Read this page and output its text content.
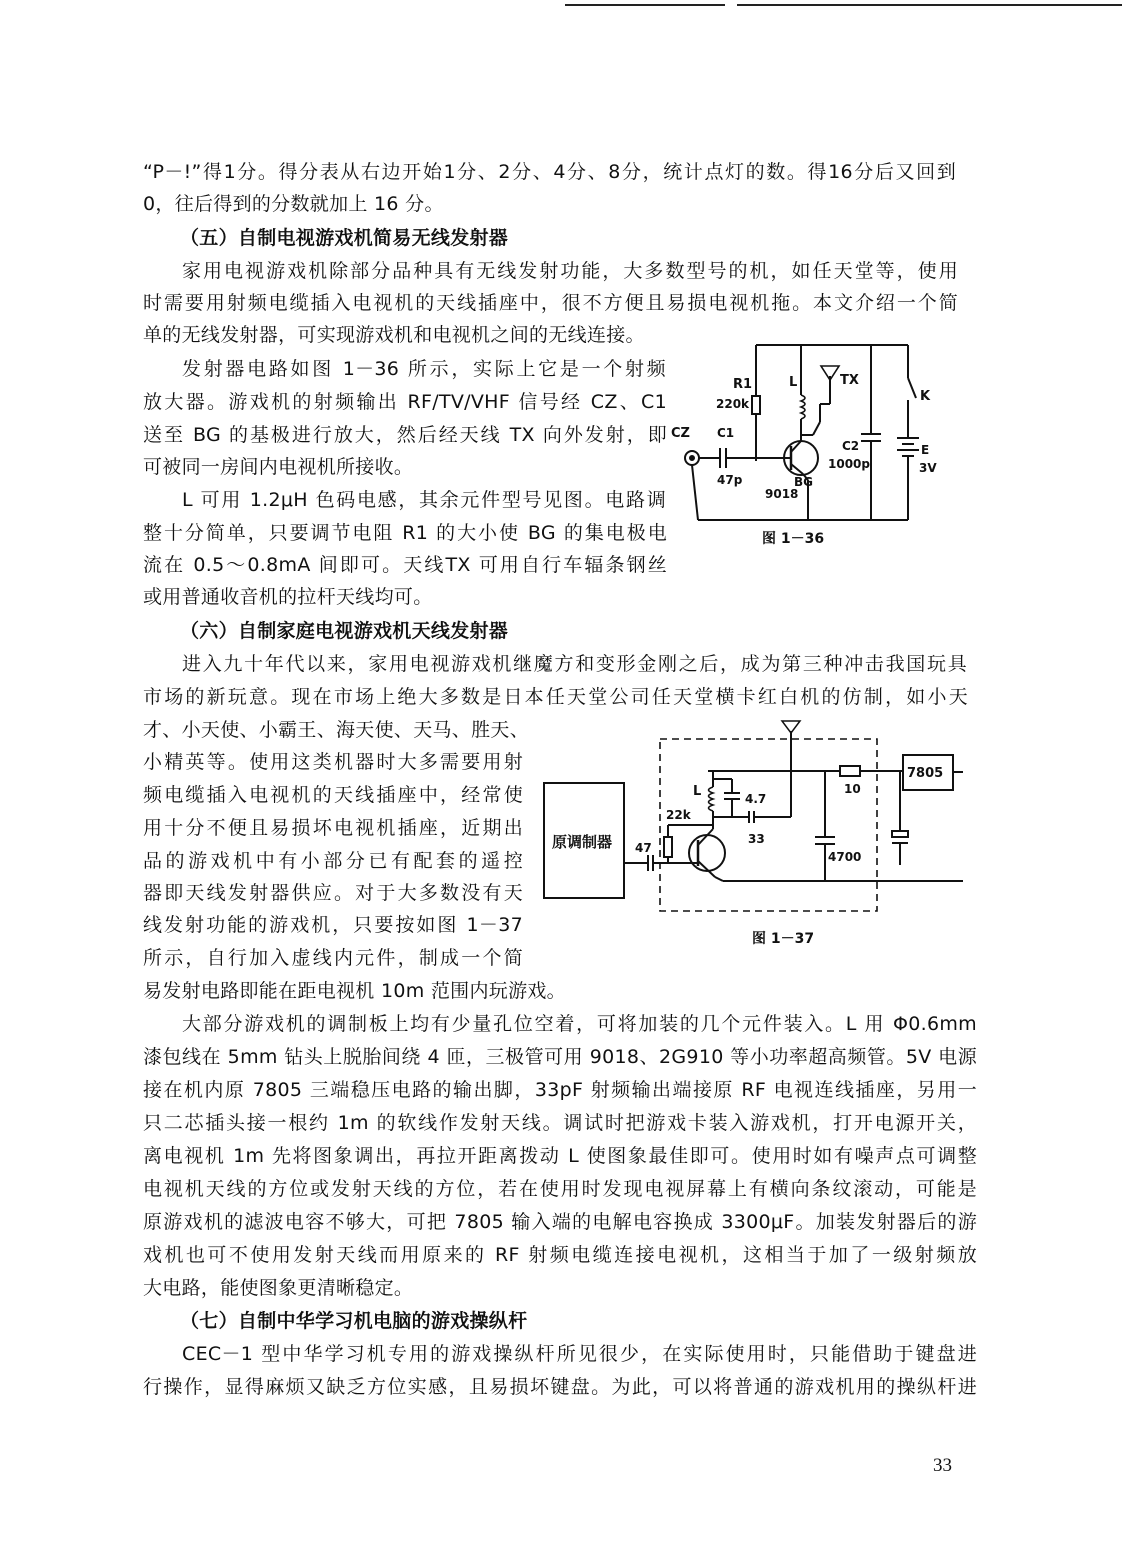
“P－!”得1分。得分表从右边开始1分、2分、4分、8分，统计点灯的数。得16分后又回到
0，往后得到的分数就加上 16 分。
（五）自制电视游戏机简易无线发射器
家用电视游戏机除部分品种具有无线发射功能，大多数型号的机，如任天堂等，使用
时需要用射频电缆插入电视机的天线插座中，很不方便且易损电视机拖。本文介绍一个简
单的无线发射器，可实现游戏机和电视机之间的无线连接。
发射器电路如图 1－36 所示，实际上它是一个射频
放大器。游戏机的射频输出 RF/TV/VHF 信号经 CZ、C1
送至 BG 的基极进行放大，然后经天线 TX 向外发射，即
可被同一房间内电视机所接收。
L 可用 1.2μH 色码电感，其余元件型号见图。电路调
整十分简单，只要调节电阻 R1 的大小使 BG 的集电极电
流在 0.5～0.8mA 间即可。天线TX 可用自行车辐条钢丝
或用普通收音机的拉杆天线均可。
（六）自制家庭电视游戏机天线发射器
进入九十年代以来，家用电视游戏机继魔方和变形金刚之后，成为第三种冲击我国玩具
市场的新玩意。现在市场上绝大多数是日本任天堂公司任天堂横卡红白机的仿制，如小天
才、小天使、小霸王、海天使、天马、胜天、
小精英等。使用这类机器时大多需要用射
频电缆插入电视机的天线插座中，经常使
用十分不便且易损坏电视机插座，近期出
品的游戏机中有小部分已有配套的遥控
器即天线发射器供应。对于大多数没有天
线发射功能的游戏机，只要按如图 1－37
所示，自行加入虚线内元件，制成一个简
易发射电路即能在距电视机 10m 范围内玩游戏。
大部分游戏机的调制板上均有少量孔位空着，可将加装的几个元件装入。L 用 Φ0.6mm
漆包线在 5mm 钻头上脱胎间绕 4 匝，三极管可用 9018、2G910 等小功率超高频管。5V 电源
接在机内原 7805 三端稳压电路的输出脚，33pF 射频输出端接原 RF 电视连线插座，另用一
只二芯插头接一根约 1m 的软线作发射天线。调试时把游戏卡装入游戏机，打开电源开关，
离电视机 1m 先将图象调出，再拉开距离拨动 L 使图象最佳即可。使用时如有噪声点可调整
电视机天线的方位或发射天线的方位，若在使用时发现电视屏幕上有横向条纹滚动，可能是
原游戏机的滤波电容不够大，可把 7805 输入端的电解电容换成 3300μF。加装发射器后的游
戏机也可不使用发射天线而用原来的 RF 射频电缆连接电视机，这相当于加了一级射频放
大电路，能使图象更清晰稳定。
（七）自制中华学习机电脑的游戏操纵杆
CEC－1 型中华学习机专用的游戏操纵杆所见很少，在实际使用时，只能借助于键盘进
行操作，显得麻烦又缺乏方位实感，且易损坏键盘。为此，可以将普通的游戏机用的操纵杆进
R1
220k
L	TX
K
CZ C1
47p
C2
1000p
BG
9018
E
3V
图 1－36
原调制器 47
22k
L	4.7
33
10
4700
7805
图 1－37
33
